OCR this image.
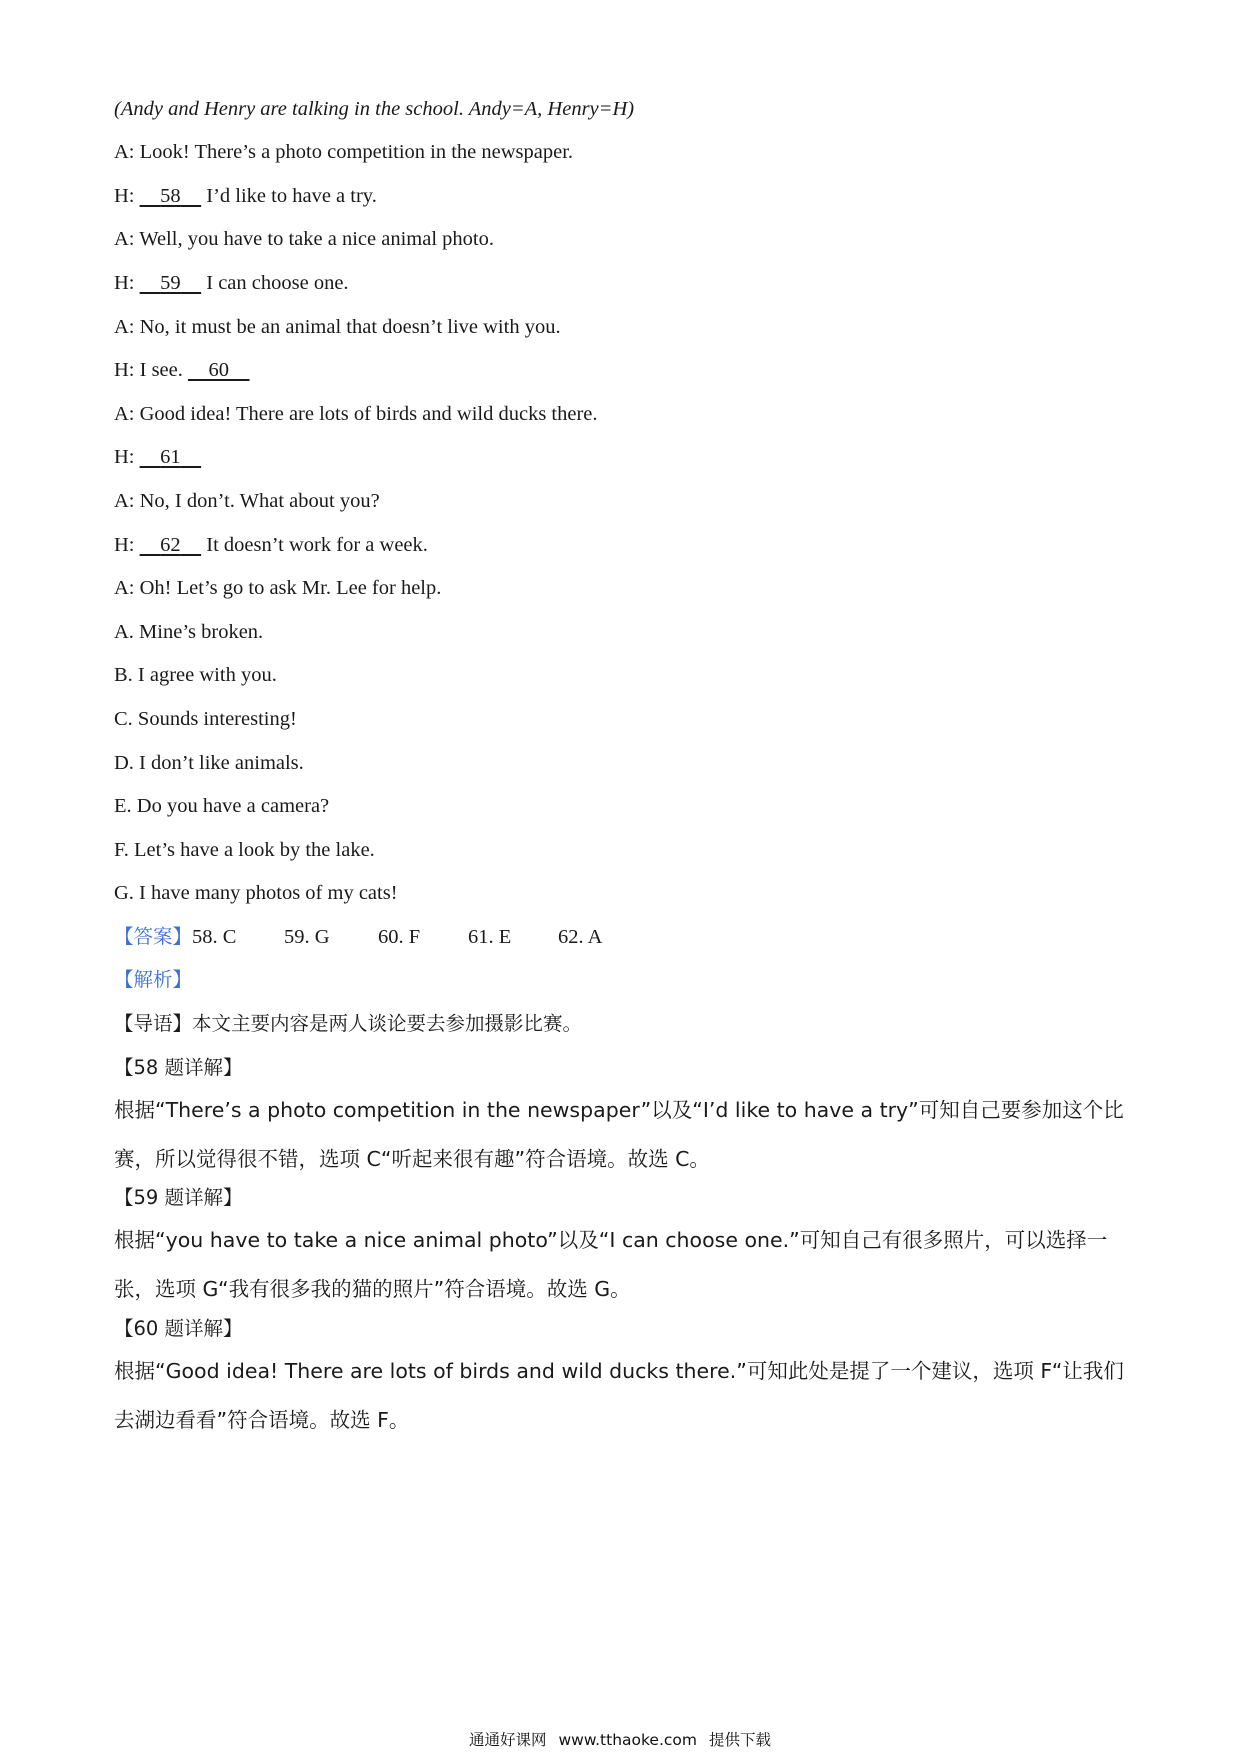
(Andy and Henry are talking in the school. Andy=A, Henry=H)
A: Look! There’s a photo competition in the newspaper.
H: 58     I’d like to have a try.
A: Well, you have to take a nice animal photo.
H: 59     I can choose one.
A: No, it must be an animal that doesn’t live with you.
H: I see.     60
A: Good idea! There are lots of birds and wild ducks there.
H: 61
A: No, I don’t. What about you?
H: 62     It doesn’t work for a week.
A: Oh! Let’s go to ask Mr. Lee for help.
A. Mine’s broken.
B. I agree with you.
C. Sounds interesting!
D. I don’t like animals.
E. Do you have a camera?
F. Let’s have a look by the lake.
G. I have many photos of my cats!
【答案】58. C 59. G 60. F 61. E 62. A
【解析】
【导语】本文主要内容是两人谈论要去参加摄影比赛。
【58 题详解】
根据“There’s a photo competition in the newspaper”以及“I’d like to have a try”可知自己要参加这个比赛，所以觉得很不错，选项 C“听起来很有趣”符合语境。故选 C。
【59 题详解】
根据“you have to take a nice animal photo”以及“I can choose one.”可知自己有很多照片，可以选择一张，选项 G“我有很多我的猫的照片”符合语境。故选 G。
【60 题详解】
根据“Good idea! There are lots of birds and wild ducks there.”可知此处是提了一个建议，选项 F“让我们去湖边看看”符合语境。故选 F。
通通好课网 www.tthaoke.com 提供下载
